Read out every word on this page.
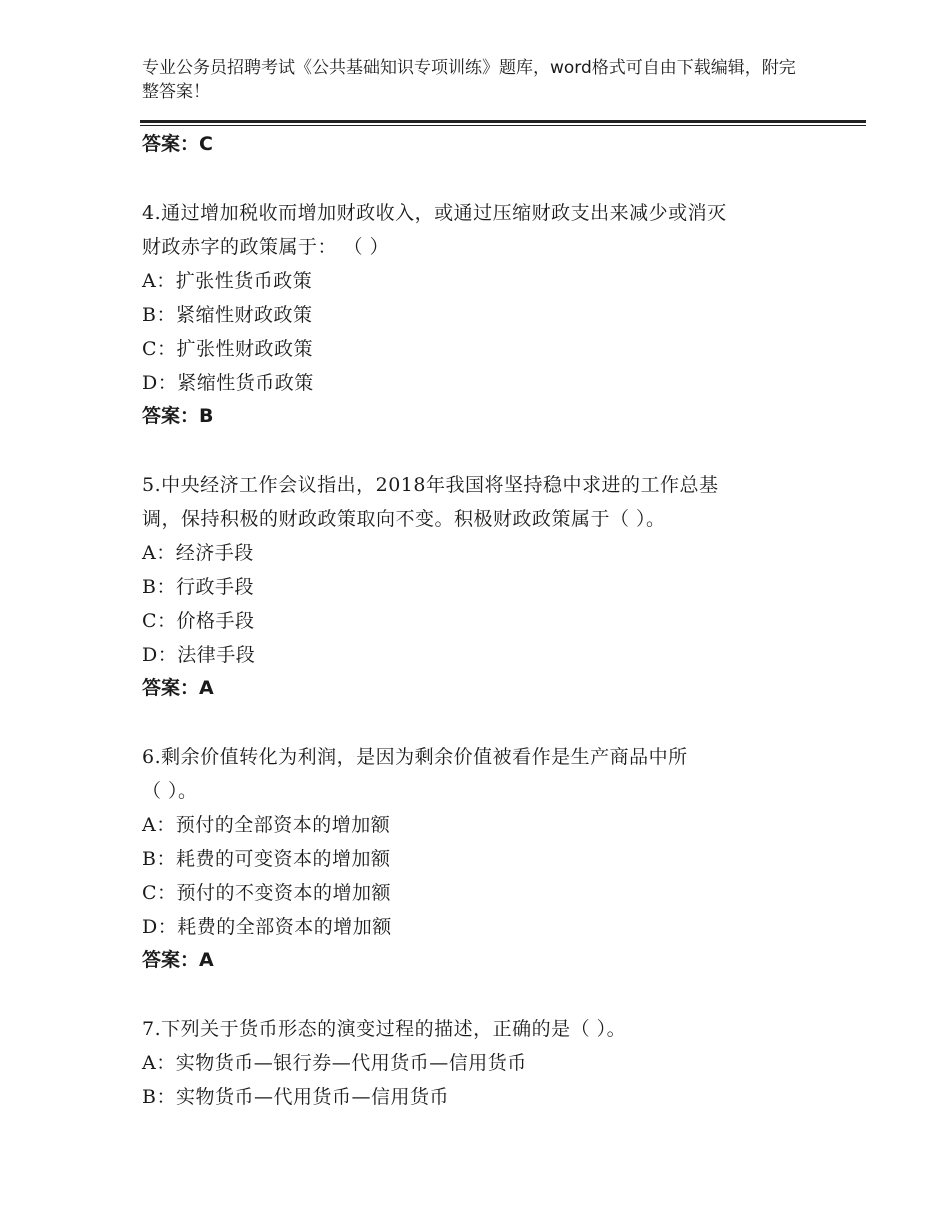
专业公务员招聘考试《公共基础知识专项训练》题库，word格式可自由下载编辑，附完整答案！

答案：C

4.通过增加税收而增加财政收入，或通过压缩财政支出来减少或消灭

财政赤字的政策属于： （ ）

A：扩张性货币政策

B：紧缩性财政政策

C：扩张性财政政策

D：紧缩性货币政策

答案：B

5.中央经济工作会议指出，2018年我国将坚持稳中求进的工作总基

调，保持积极的财政政策取向不变。积极财政政策属于（ ）。

A：经济手段

B：行政手段

C：价格手段

D：法律手段

答案：A

6.剩余价值转化为利润，是因为剩余价值被看作是生产商品中所

（ ）。

A：预付的全部资本的增加额

B：耗费的可变资本的增加额

C：预付的不变资本的增加额

D：耗费的全部资本的增加额

答案：A

7.下列关于货币形态的演变过程的描述，正确的是（ ）。

A：实物货币—银行券—代用货币—信用货币

B：实物货币—代用货币—信用货币
